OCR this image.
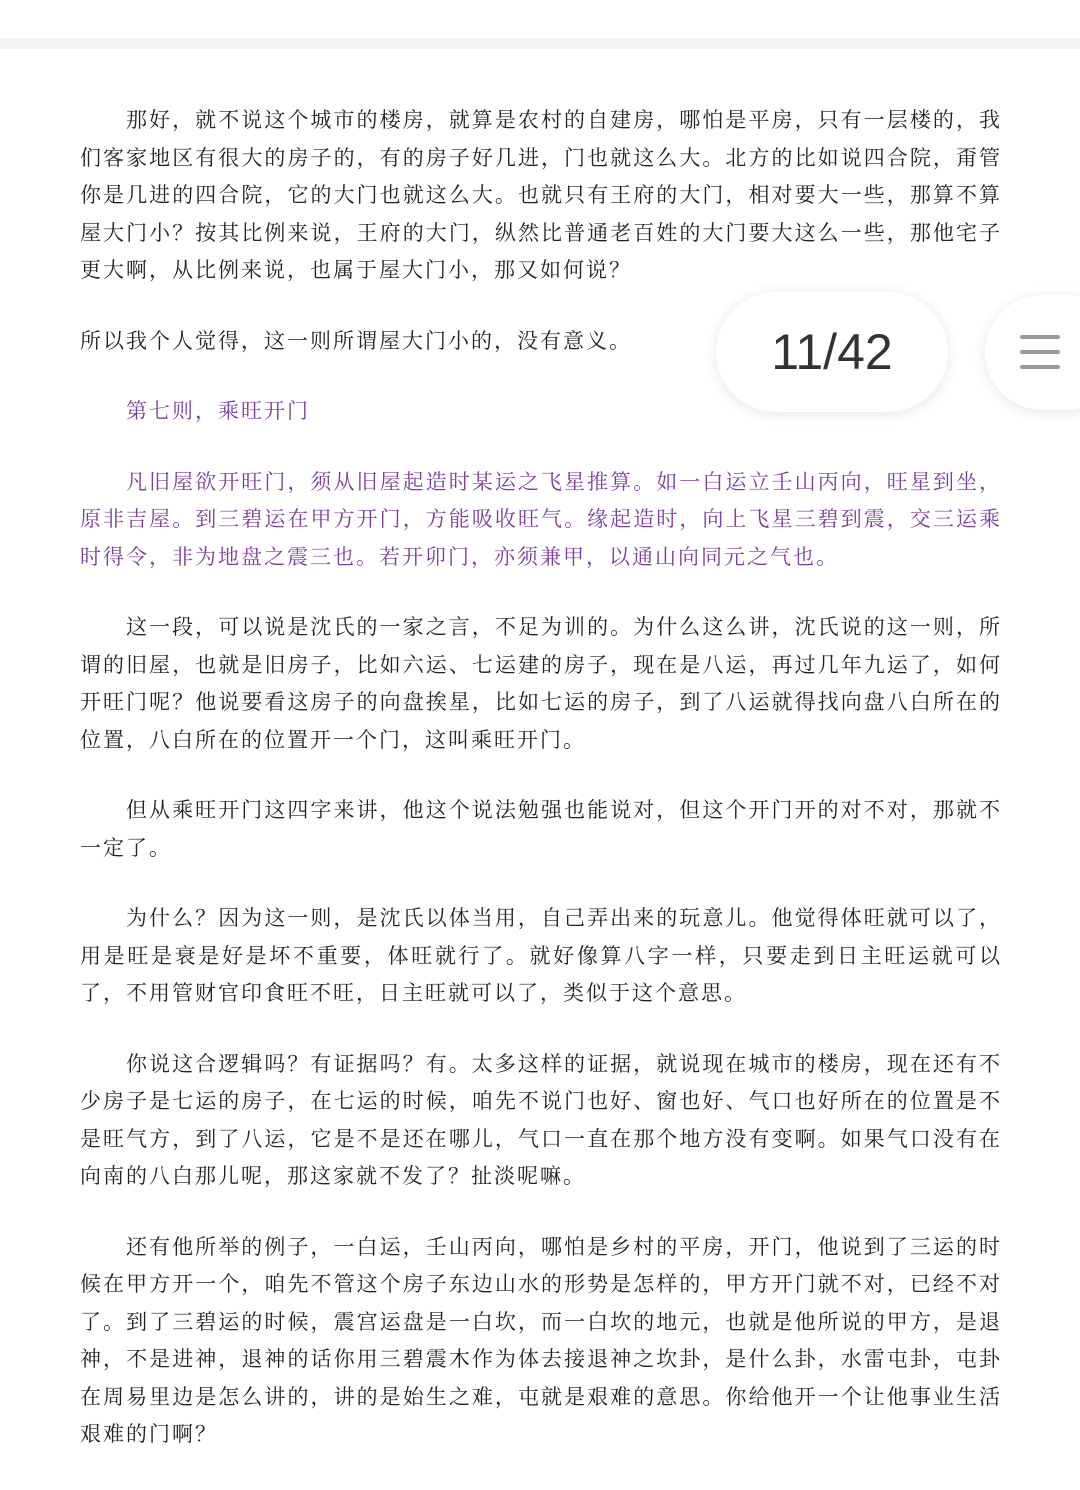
那好，就不说这个城市的楼房，就算是农村的自建房，哪怕是平房，只有一层楼的，我们客家地区有很大的房子的，有的房子好几进，门也就这么大。北方的比如说四合院，甭管你是几进的四合院，它的大门也就这么大。也就只有王府的大门，相对要大一些，那算不算屋大门小？按其比例来说，王府的大门，纵然比普通老百姓的大门要大这么一些，那他宅子更大啊，从比例来说，也属于屋大门小，那又如何说？

所以我个人觉得，这一则所谓屋大门小的，没有意义。

第七则，乘旺开门

凡旧屋欲开旺门，须从旧屋起造时某运之飞星推算。如一白运立壬山丙向，旺星到坐，原非吉屋。到三碧运在甲方开门，方能吸收旺气。缘起造时，向上飞星三碧到震，交三运乘时得令，非为地盘之震三也。若开卯门，亦须兼甲，以通山向同元之气也。

这一段，可以说是沈氏的一家之言，不足为训的。为什么这么讲，沈氏说的这一则，所谓的旧屋，也就是旧房子，比如六运、七运建的房子，现在是八运，再过几年九运了，如何开旺门呢？他说要看这房子的向盘挨星，比如七运的房子，到了八运就得找向盘八白所在的位置，八白所在的位置开一个门，这叫乘旺开门。

但从乘旺开门这四字来讲，他这个说法勉强也能说对，但这个开门开的对不对，那就不一定了。

为什么？因为这一则，是沈氏以体当用，自己弄出来的玩意儿。他觉得体旺就可以了，用是旺是衰是好是坏不重要，体旺就行了。就好像算八字一样，只要走到日主旺运就可以了，不用管财官印食旺不旺，日主旺就可以了，类似于这个意思。

你说这合逻辑吗？有证据吗？有。太多这样的证据，就说现在城市的楼房，现在还有不少房子是七运的房子，在七运的时候，咱先不说门也好、窗也好、气口也好所在的位置是不是旺气方，到了八运，它是不是还在哪儿，气口一直在那个地方没有变啊。如果气口没有在向南的八白那儿呢，那这家就不发了？扯淡呢嘛。

还有他所举的例子，一白运，壬山丙向，哪怕是乡村的平房，开门，他说到了三运的时候在甲方开一个，咱先不管这个房子东边山水的形势是怎样的，甲方开门就不对，已经不对了。到了三碧运的时候，震宫运盘是一白坎，而一白坎的地元，也就是他所说的甲方，是退神，不是进神，退神的话你用三碧震木作为体去接退神之坎卦，是什么卦，水雷屯卦，屯卦在周易里边是怎么讲的，讲的是始生之难，屯就是艰难的意思。你给他开一个让他事业生活艰难的门啊？

11/42
